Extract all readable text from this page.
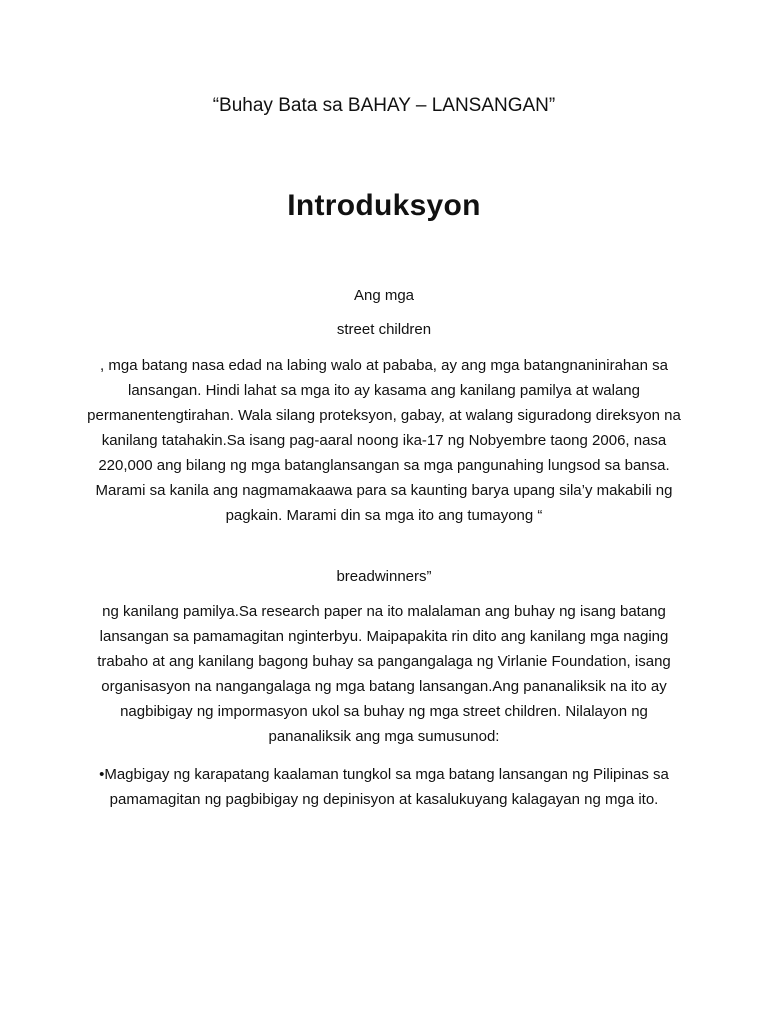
“Buhay Bata sa BAHAY – LANSANGAN”
Introduksyon

Ang mga

street children

, mga batang nasa edad na labing walo at pababa, ay ang mga batangnaninirahan sa lansangan. Hindi lahat sa mga ito ay kasama ang kanilang pamilya at walang permanentengtirahan. Wala silang proteksyon, gabay, at walang siguradong direksyon na kanilang tatahakin.Sa isang pag-aaral noong ika-17 ng Nobyembre taong 2006, nasa 220,000 ang bilang ng mga batanglansangan sa mga pangunahing lungsod sa bansa. Marami sa kanila ang nagmamakaawa para sa kaunting barya upang sila’y makabili ng pagkain. Marami din sa mga ito ang tumayong “

breadwinners”

ng kanilang pamilya.Sa research paper na ito malalaman ang buhay ng isang batang lansangan sa pamamagitan nginterbyu. Maipapakita rin dito ang kanilang mga naging trabaho at ang kanilang bagong buhay sa pangangalaga ng Virlanie Foundation, isang organisasyon na nangangalaga ng mga batang lansangan.Ang pananaliksik na ito ay nagbibigay ng impormasyon ukol sa buhay ng mga street children. Nilalayon ng pananaliksik ang mga sumusunod:

•Magbigay ng karapatang kaalaman tungkol sa mga batang lansangan ng Pilipinas sa pamamagitan ng pagbibigay ng depinisyon at kasalukuyang kalagayan ng mga ito.
